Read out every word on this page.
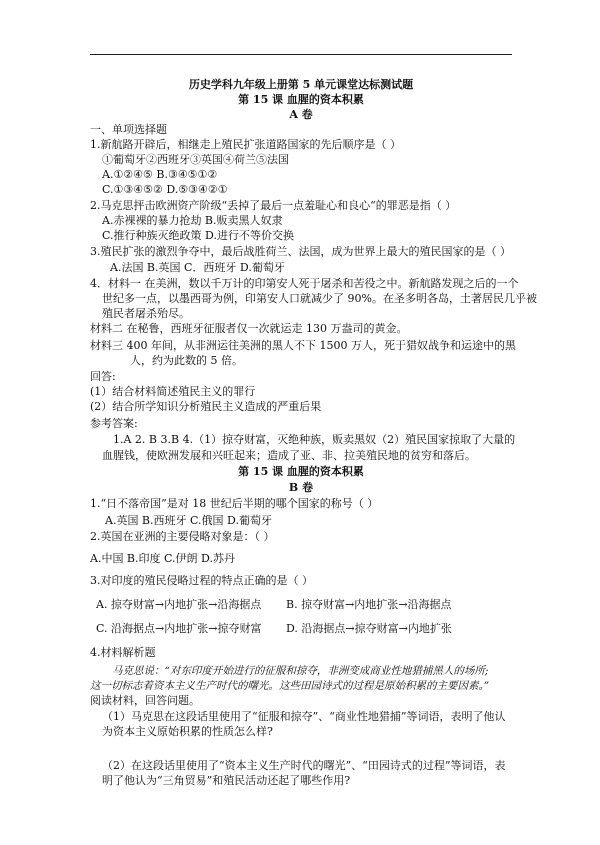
历史学科九年级上册第 5 单元课堂达标测试题
第 15 课 血腥的资本积累
A 卷
一、单项选择题
1.新航路开辟后，相继走上殖民扩张道路国家的先后顺序是（ ）
①葡萄牙②西班牙③英国④荷兰⑤法国
A.①②④⑤ B.③④⑤①②
C.①③④⑤② D.⑤③④②①
2.马克思抨击欧洲资产阶级“丢掉了最后一点羞耻心和良心“的罪恶是指（ ）
A.赤裸裸的暴力抢劫 B.贩卖黑人奴隶
C.推行种族灭绝政策 D.进行不等价交换
3.殖民扩张的激烈争夺中，最后战胜荷兰、法国，成为世界上最大的殖民国家的是（ ）
A.法国 B.英国 C．西班牙 D.葡萄牙
4．材料一 在美洲，数以千万计的印第安人死于屠杀和苦役之中。新航路发现之后的一个
世纪多一点，以墨西哥为例，印第安人口就减少了 90%。在圣多明各岛，土著居民几乎被
殖民者屠杀殆尽。
材料二 在秘鲁，西班牙征服者仅一次就运走 130 万盎司的黄金。
材料三 400 年间，从非洲运往美洲的黑人不下 1500 万人，死于猎奴战争和运途中的黑
人，约为此数的 5 倍。
回答:
(1）结合材料简述殖民主义的罪行
(2）结合所学知识分析殖民主义造成的严重后果
参考答案:
1.A 2. B 3.B 4.（1）掠夺财富，灭绝种族，贩卖黑奴（2）殖民国家掠取了大量的
血腥钱，使欧洲发展和兴旺起来；造成了亚、非、拉美殖民地的贫穷和落后。
第 15 课 血腥的资本积累
B 卷
1.“日不落帝国”是对 18 世纪后半期的哪个国家的称号（ ）
A.英国 B.西班牙 C.俄国 D.葡萄牙
2.英国在亚洲的主要侵略对象是：（ ）
A.中国 B.印度 C.伊朗 D.苏丹
3.对印度的殖民侵略过程的特点正确的是（ ）
A. 掠夺财富→内地扩张→沿海据点 B. 掠夺财富→内地扩张→沿海据点
C. 沿海据点→内地扩张→掠夺财富 D. 沿海据点→掠夺财富→内地扩张
4.材料解析题
马克思说：“对东印度开始进行的征服和掠夺，非洲变成商业性地猎捕黑人的场所;
这一切标志着资本主义生产时代的曙光。这些田园诗式的过程是原始积累的主要因素。”
阅读材料，回答问题。
（1）马克思在这段话里使用了“征服和掠夺”、“商业性地猎捕”等词语，表明了他认
为资本主义原始积累的性质怎么样?
（2）在这段话里使用了“资本主义生产时代的曙光”、“田园诗式的过程”等词语，表
明了他认为“三角贸易”和殖民活动还起了哪些作用?
